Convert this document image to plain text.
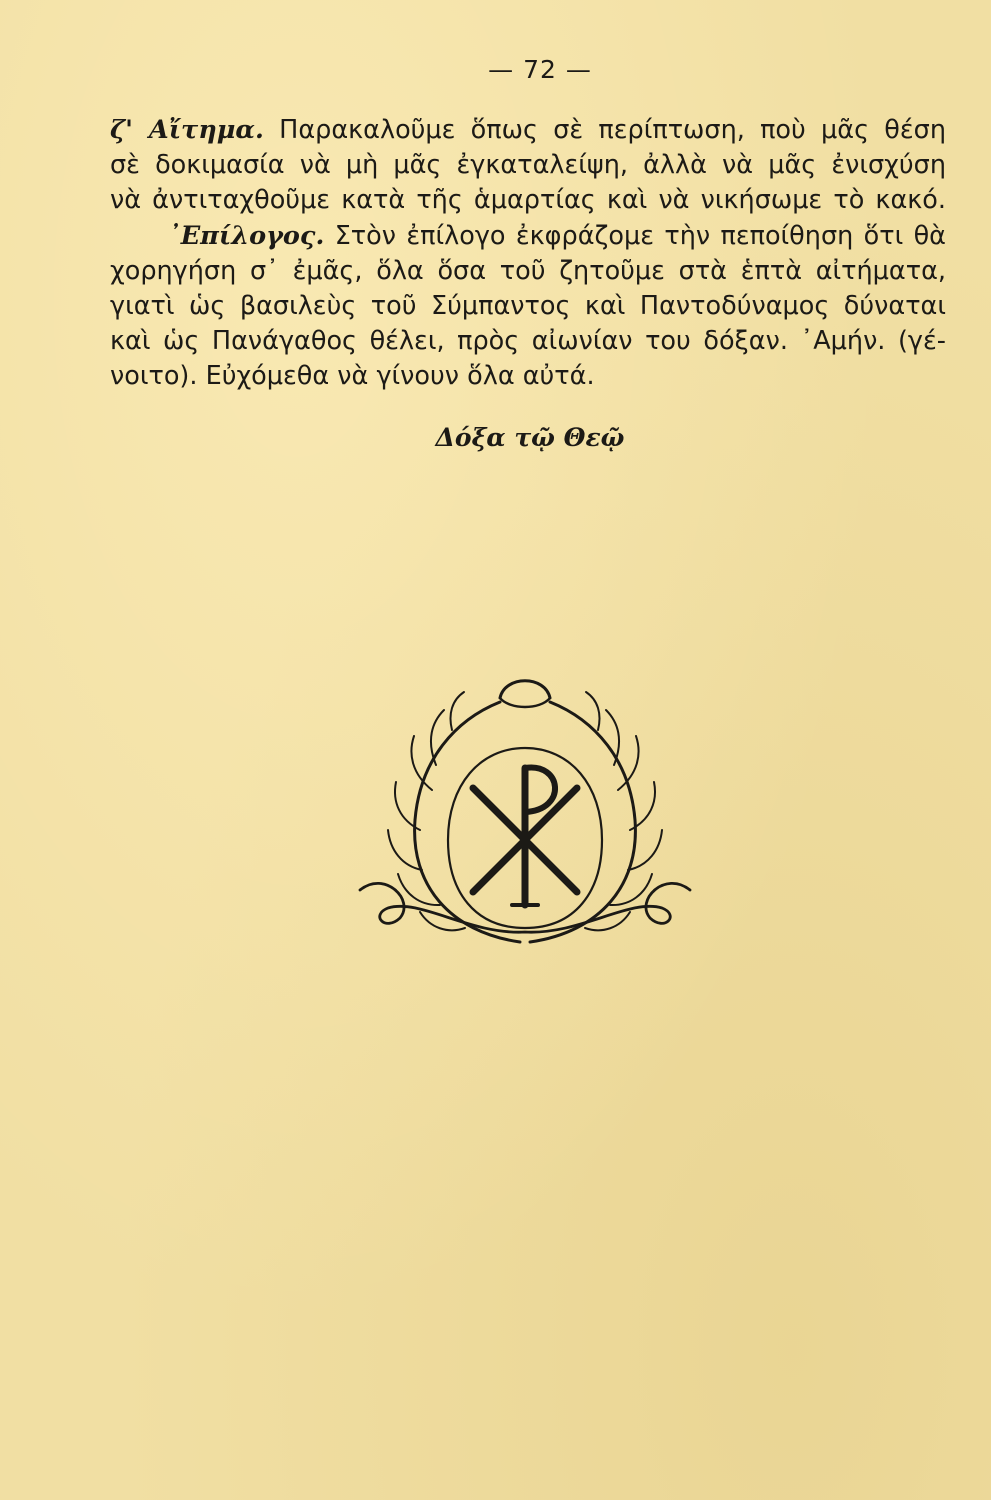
— 72 —
ζ' Αἴτημα. Παρακαλοῦμε ὅπως σὲ περίπτωση, ποὺ μᾶς θέση
σὲ δοκιμασία νὰ μὴ μᾶς ἐγκαταλείψη, ἀλλὰ νὰ μᾶς ἐνισχύση
νὰ ἀντιταχθοῦμε κατὰ τῆς ἁμαρτίας καὶ νὰ νικήσωμε τὸ κακό.
᾿Επίλογος. Στὸν ἐπίλογο ἐκφράζομε τὴν πεποίθηση ὅτι θὰ
χορηγήση σ᾿ ἐμᾶς, ὅλα ὅσα τοῦ ζητοῦμε στὰ ἑπτὰ αἰτήματα,
γιατὶ ὡς βασιλεὺς τοῦ Σύμπαντος καὶ Παντοδύναμος δύναται
καὶ ὡς Πανάγαθος θέλει, πρὸς αἰωνίαν του δόξαν. ᾿Αμήν. (γέ-
νοιτο). Εὐχόμεθα νὰ γίνουν ὅλα αὐτά.
Δόξα τῷ Θεῷ
